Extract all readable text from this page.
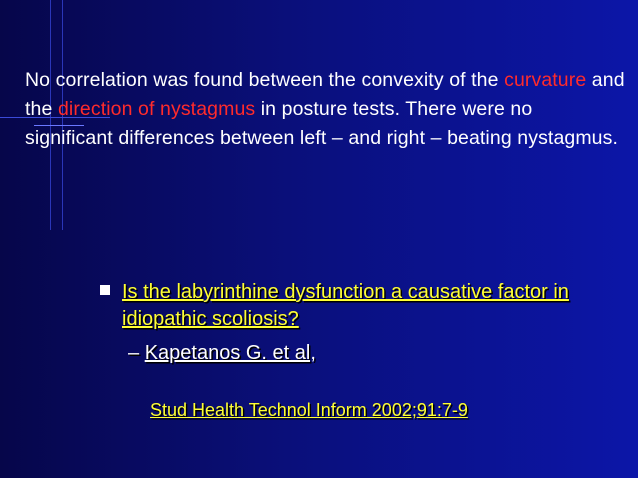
No correlation was found between the convexity of the curvature and the direction of nystagmus in posture tests. There were no significant differences between left – and right – beating nystagmus.
Is the labyrinthine dysfunction a causative factor in idiopathic scoliosis?
– Kapetanos G. et al,
Stud Health Technol Inform 2002;91:7-9
